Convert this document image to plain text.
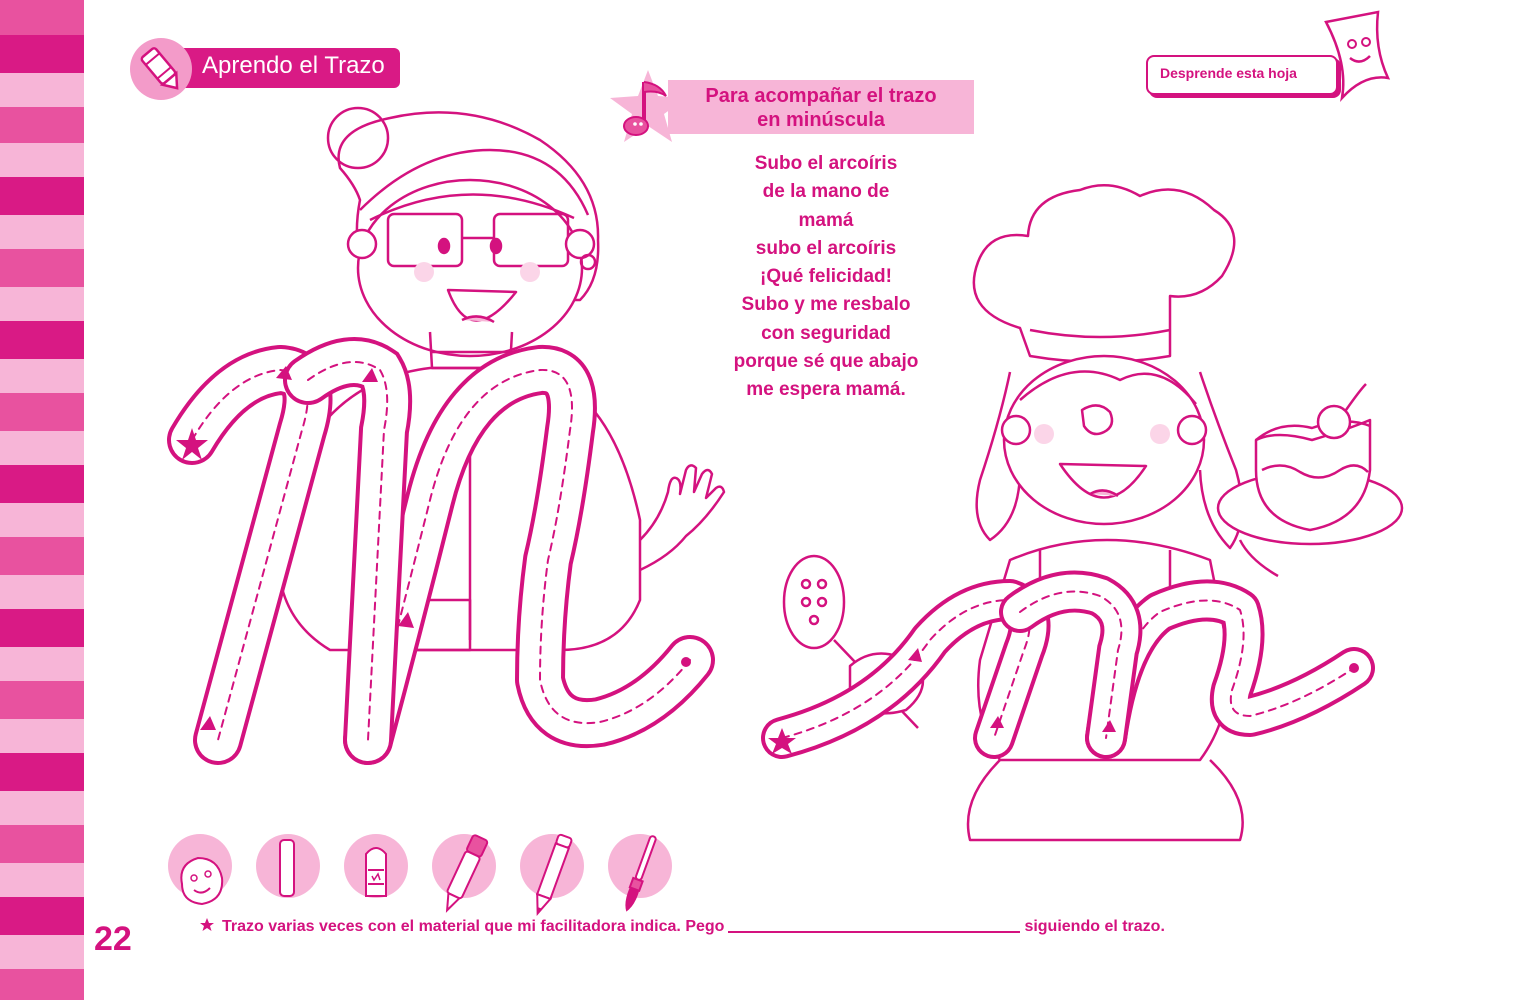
Aprendo el Trazo	Desprende esta hoja
Para acompañar el trazo
en minúscula
Subo el arcoíris
de la mano de
mamá
subo el arcoíris
¡Qué felicidad!
Subo y me resbalo
con seguridad
porque sé que abajo
me espera mamá.
22	Trazo varias veces con el material que mi facilitadora indica. Pego	siguiendo el trazo.
